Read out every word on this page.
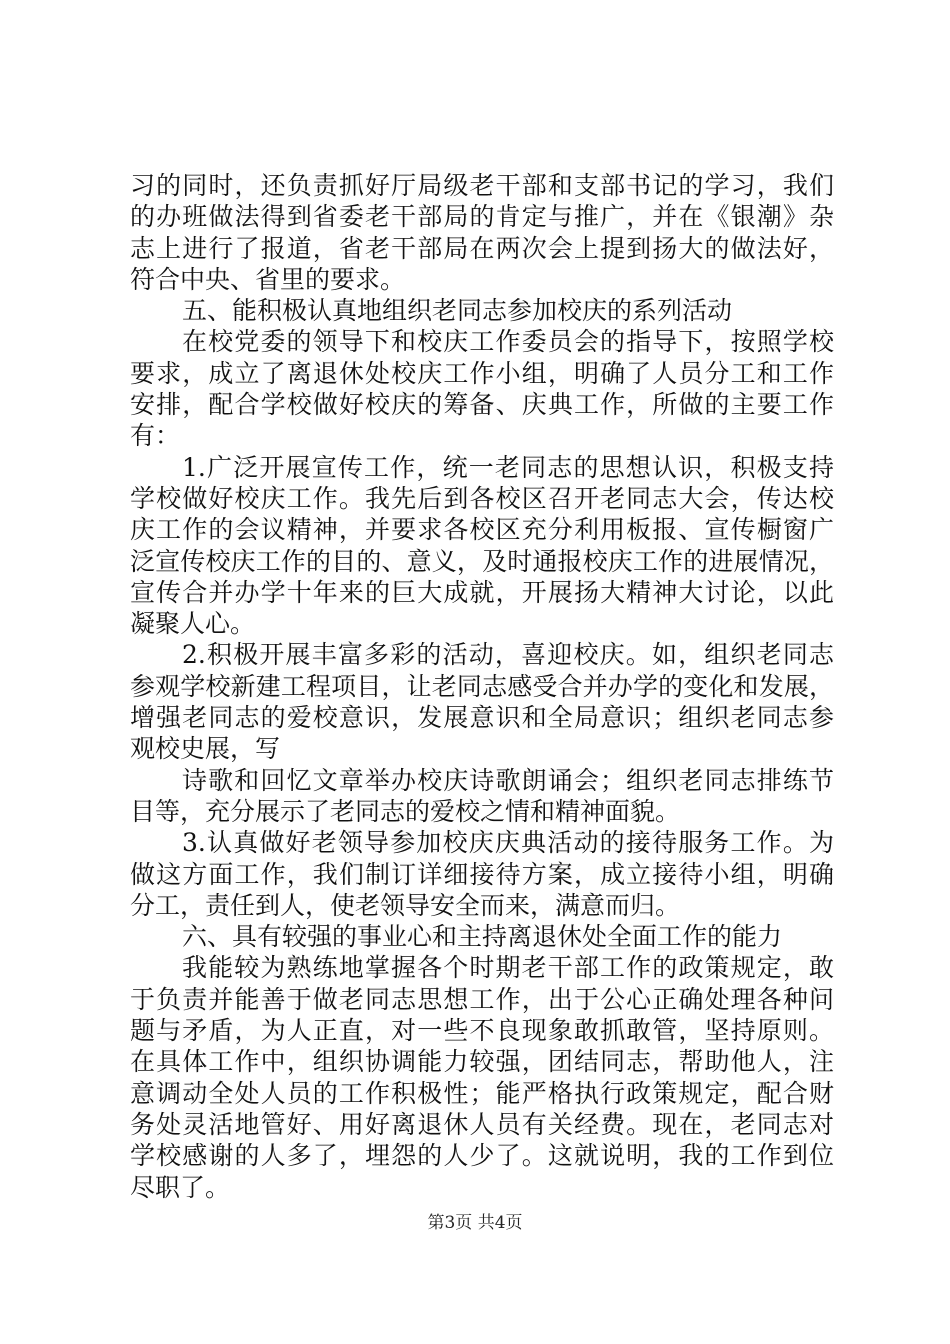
习的同时，还负责抓好厅局级老干部和支部书记的学习，我们
的办班做法得到省委老干部局的肯定与推广，并在《银潮》杂
志上进行了报道，省老干部局在两次会上提到扬大的做法好，
符合中央、省里的要求。
五、能积极认真地组织老同志参加校庆的系列活动
在校党委的领导下和校庆工作委员会的指导下，按照学校
要求，成立了离退休处校庆工作小组，明确了人员分工和工作
安排，配合学校做好校庆的筹备、庆典工作，所做的主要工作
有：
1.广泛开展宣传工作，统一老同志的思想认识，积极支持
学校做好校庆工作。我先后到各校区召开老同志大会，传达校
庆工作的会议精神，并要求各校区充分利用板报、宣传橱窗广
泛宣传校庆工作的目的、意义，及时通报校庆工作的进展情况，
宣传合并办学十年来的巨大成就，开展扬大精神大讨论，以此
凝聚人心。
2.积极开展丰富多彩的活动，喜迎校庆。如，组织老同志
参观学校新建工程项目，让老同志感受合并办学的变化和发展，
增强老同志的爱校意识，发展意识和全局意识；组织老同志参
观校史展，写
诗歌和回忆文章举办校庆诗歌朗诵会；组织老同志排练节
目等，充分展示了老同志的爱校之情和精神面貌。
3.认真做好老领导参加校庆庆典活动的接待服务工作。为
做这方面工作，我们制订详细接待方案，成立接待小组，明确
分工，责任到人，使老领导安全而来，满意而归。
六、具有较强的事业心和主持离退休处全面工作的能力
我能较为熟练地掌握各个时期老干部工作的政策规定，敢
于负责并能善于做老同志思想工作，出于公心正确处理各种问
题与矛盾，为人正直，对一些不良现象敢抓敢管，坚持原则。
在具体工作中，组织协调能力较强，团结同志，帮助他人，注
意调动全处人员的工作积极性；能严格执行政策规定，配合财
务处灵活地管好、用好离退休人员有关经费。现在，老同志对
学校感谢的人多了，埋怨的人少了。这就说明，我的工作到位
尽职了。
第3页 共4页
